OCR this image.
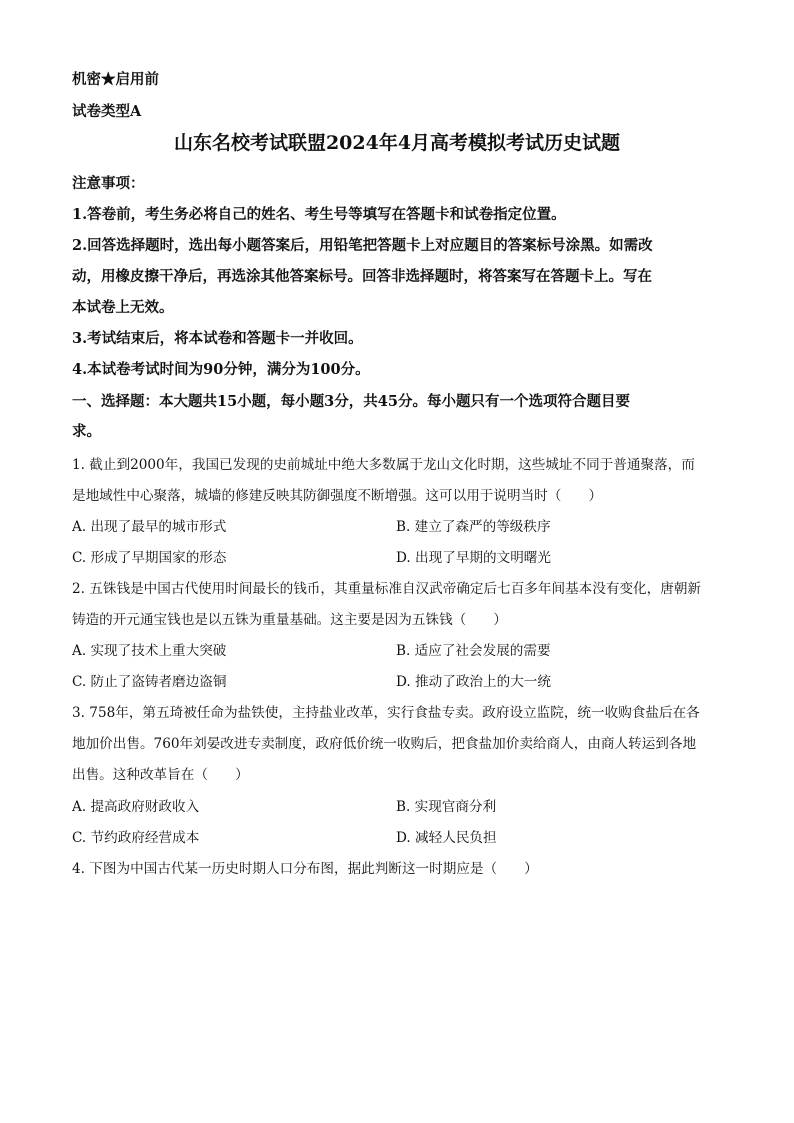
机密★启用前
试卷类型A
山东名校考试联盟2024年4月高考模拟考试历史试题
注意事项：
1.答卷前，考生务必将自己的姓名、考生号等填写在答题卡和试卷指定位置。
2.回答选择题时，选出每小题答案后，用铅笔把答题卡上对应题目的答案标号涂黑。如需改
动，用橡皮擦干净后，再选涂其他答案标号。回答非选择题时，将答案写在答题卡上。写在
本试卷上无效。
3.考试结束后，将本试卷和答题卡一并收回。
4.本试卷考试时间为90分钟，满分为100分。
一、选择题：本大题共15小题，每小题3分，共45分。每小题只有一个选项符合题目要
求。
1. 截止到2000年，我国已发现的史前城址中绝大多数属于龙山文化时期，这些城址不同于普通聚落，而
是地域性中心聚落，城墙的修建反映其防御强度不断增强。这可以用于说明当时（　　）
A. 出现了最早的城市形式	B. 建立了森严的等级秩序
C. 形成了早期国家的形态	D. 出现了早期的文明曙光
2. 五铢钱是中国古代使用时间最长的钱币，其重量标准自汉武帝确定后七百多年间基本没有变化，唐朝新
铸造的开元通宝钱也是以五铢为重量基础。这主要是因为五铢钱（　　）
A. 实现了技术上重大突破	B. 适应了社会发展的需要
C. 防止了盗铸者磨边盗铜	D. 推动了政治上的大一统
3. 758年，第五琦被任命为盐铁使，主持盐业改革，实行食盐专卖。政府设立监院，统一收购食盐后在各
地加价出售。760年刘晏改进专卖制度，政府低价统一收购后，把食盐加价卖给商人，由商人转运到各地
出售。这种改革旨在（　　）
A. 提高政府财政收入	B. 实现官商分利
C. 节约政府经营成本	D. 减轻人民负担
4. 下图为中国古代某一历史时期人口分布图，据此判断这一时期应是（　　）
